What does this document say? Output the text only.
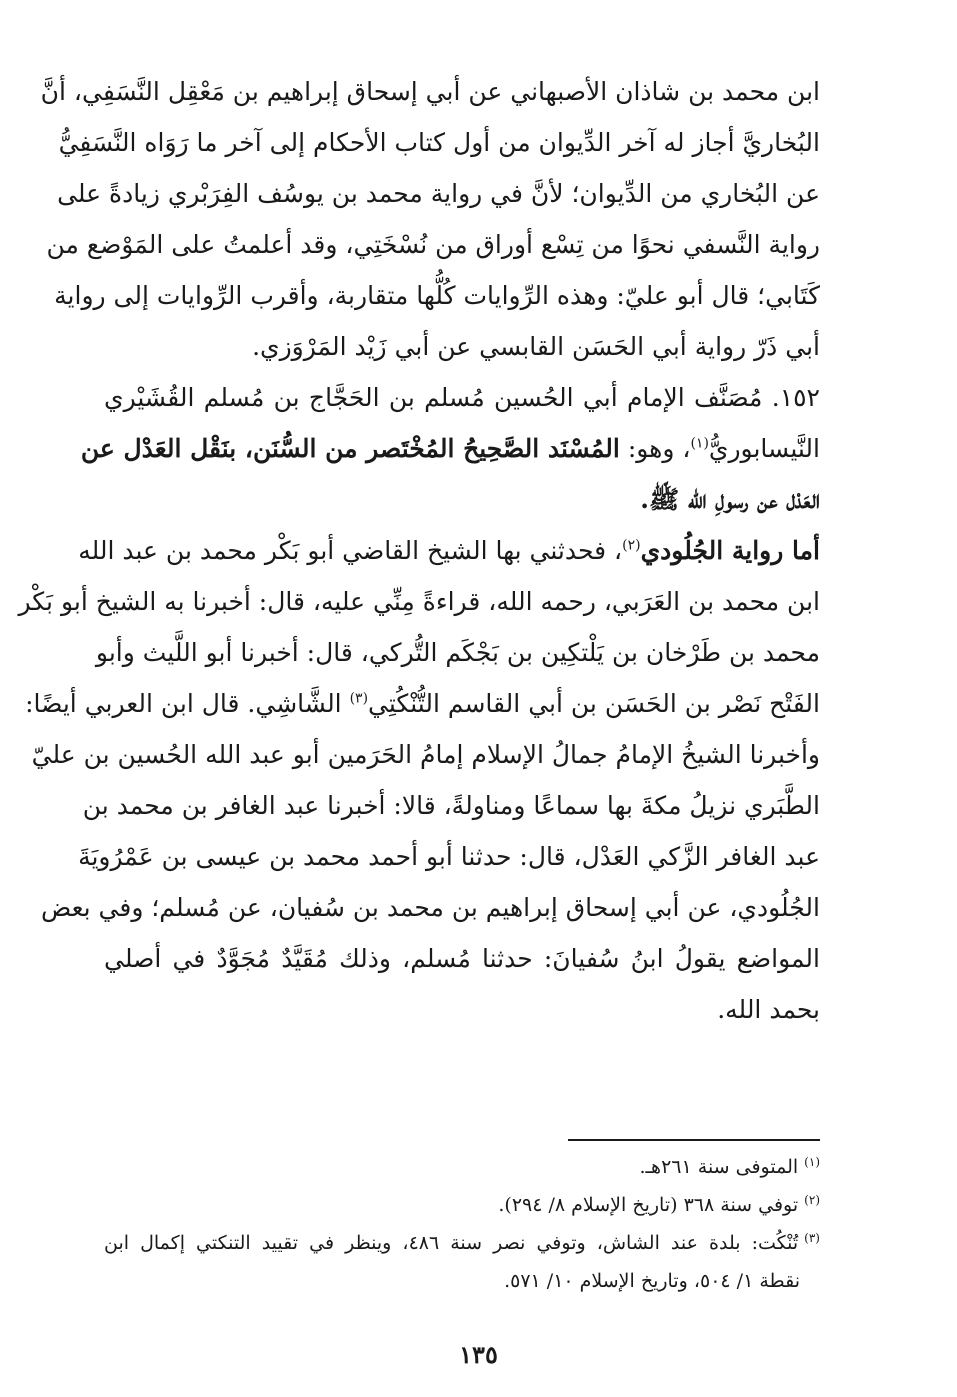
ابن محمد بن شاذان الأصبهاني عن أبي إسحاق إبراهيم بن مَعْقِل النَّسَفِي، أنَّ
البُخاريَّ أجاز له آخر الدِّيوان من أول كتاب الأحكام إلى آخر ما رَوَاه النَّسَفِيُّ
عن البُخاري من الدِّيوان؛ لأنَّ في رواية محمد بن يوسُف الفِرَبْري زيادةً على
رواية النَّسفي نحوًا من تِسْع أوراق من نُسْخَتِي، وقد أعلمتُ على المَوْضع من
كَتَابي؛ قال أبو عليّ: وهذه الرِّوايات كُلُّها متقاربة، وأقرب الرِّوايات إلى رواية
أبي ذَرّ رواية أبي الحَسَن القابسي عن أبي زَيْد المَرْوَزي.
١٥٢. مُصَنَّف الإمام أبي الحُسين مُسلم بن الحَجَّاج بن مُسلم القُشَيْري
النَّيسابوريُّ$^{(١)}$، وهو: المُسْنَد الصَّحِيحُ المُخْتَصر من السُّنَن، بنَقْل العَدْل عن
العَدْل عن رسولِ الله ﷺ.
أما رواية الجُلُودي$^{(٢)}$، فحدثني بها الشيخ القاضي أبو بَكْر محمد بن عبد الله
ابن محمد بن العَرَبي، رحمه الله، قراءةً مِنِّي عليه، قال: أخبرنا به الشيخ أبو بَكْر
محمد بن طَرْخان بن يَلْتكِين بن بَجْكَم التُّركي، قال: أخبرنا أبو اللَّيث وأبو
الفَتْح نَصْر بن الحَسَن بن أبي القاسم التُّنْكُتِي$^{(٣)}$ الشَّاشِي. قال ابن العربي أيضًا:
وأخبرنا الشيخُ الإمامُ جمالُ الإسلام إمامُ الحَرَمين أبو عبد الله الحُسين بن عليّ
الطَّبَري نزيلُ مكةَ بها سماعًا ومناولةً، قالا: أخبرنا عبد الغافر بن محمد بن
عبد الغافر الزَّكي العَدْل، قال: حدثنا أبو أحمد محمد بن عيسى بن عَمْرُويَةَ
الجُلُودي، عن أبي إسحاق إبراهيم بن محمد بن سُفيان، عن مُسلم؛ وفي بعض
المواضع يقولُ ابنُ سُفيانَ: حدثنا مُسلم، وذلك مُقَيَّدٌ مُجَوَّدٌ في أصلي
بحمد الله.
$^{(١)}$المتوفى سنة ٢٦١هـ.
$^{(٢)}$توفي سنة ٣٦٨ (تاريخ الإسلام ٨/ ٢٩٤).
$^{(٣)}$تُنْكُت: بلدة عند الشاش، وتوفي نصر سنة ٤٨٦، وينظر في تقييد التنكتي إكمال ابن
نقطة ١/ ٥٠٤، وتاريخ الإسلام ١٠/ ٥٧١.
١٣٥
